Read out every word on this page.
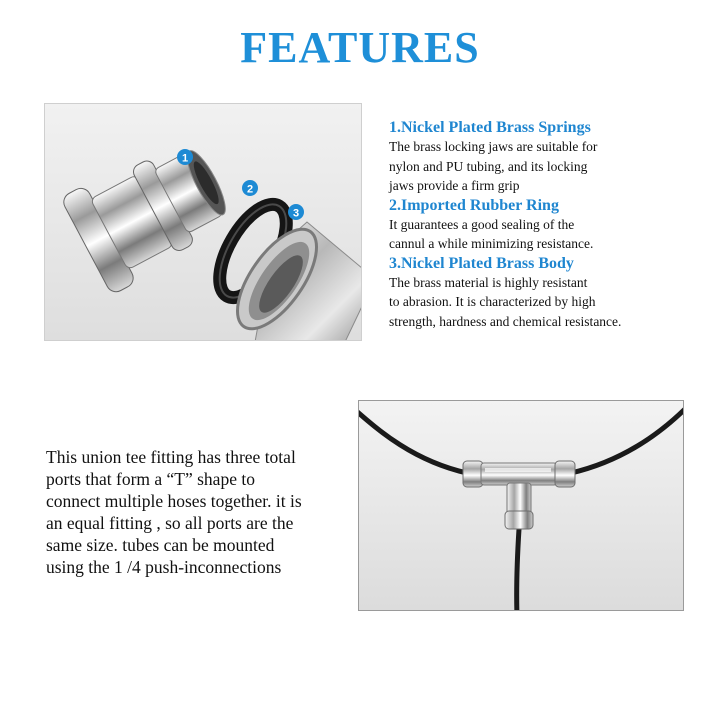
FEATURES
1
2
3
1.Nickel Plated Brass Springs

The brass locking jaws are suitable for
nylon and PU tubing, and its locking
jaws provide a firm grip

2.Imported Rubber Ring

It guarantees a good sealing of the
cannul a while minimizing resistance.

3.Nickel Plated Brass Body

The brass material is highly resistant
to abrasion. It is characterized by high
strength, hardness and chemical resistance.

This union tee fitting has three total
ports that form a “T” shape to
connect multiple hoses together. it is
an equal fitting , so all ports are the
same size. tubes can be mounted
using the 1 /4 push-inconnections
